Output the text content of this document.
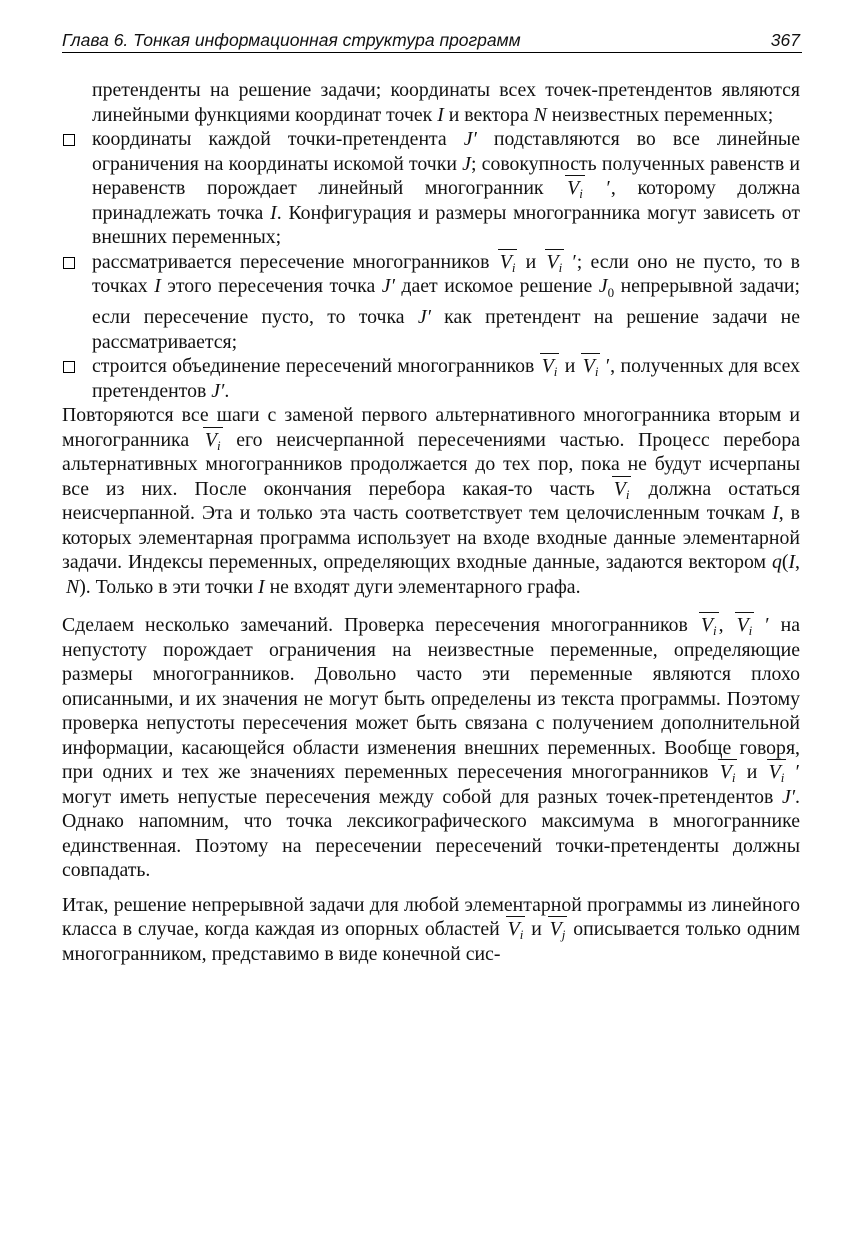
Глава 6. Тонкая информационная структура программ	367

претенденты на решение задачи; координаты всех точек-претендентов являются линейными функциями координат точек I и вектора N неизвестных переменных;

координаты каждой точки-претендента J′ подставляются во все линейные ограничения на координаты искомой точки J; совокупность полученных равенств и неравенств порождает линейный многогранник $V_i$ ′, которому должна принадлежать точка I. Конфигурация и размеры многогранника могут зависеть от внешних переменных;

рассматривается пересечение многогранников $V_i$ и $V_i$ ′; если оно не пусто, то в точках I этого пересечения точка J′ дает искомое решение $J_0$ непрерывной задачи; если пересечение пусто, то точка J′ как претендент на решение задачи не рассматривается;

строится объединение пересечений многогранников $V_i$ и $V_i$ ′, полученных для всех претендентов J′.

Повторяются все шаги с заменой первого альтернативного многогранника вторым и многогранника $V_i$ его неисчерпанной пересечениями частью. Процесс перебора альтернативных многогранников продолжается до тех пор, пока не будут исчерпаны все из них. После окончания перебора какая-то часть $V_i$ должна остаться неисчерпанной. Эта и только эта часть соответствует тем целочисленным точкам I, в которых элементарная программа использует на входе входные данные элементарной задачи. Индексы переменных, определяющих входные данные, задаются вектором q(I, N). Только в эти точки I не входят дуги элементарного графа.

Сделаем несколько замечаний. Проверка пересечения многогранников $V_i$ , $V_i$ ′ на непустоту порождает ограничения на неизвестные переменные, определяющие размеры многогранников. Довольно часто эти переменные являются плохо описанными, и их значения не могут быть определены из текста программы. Поэтому проверка непустоты пересечения может быть связана с получением дополнительной информации, касающейся области изменения внешних переменных. Вообще говоря, при одних и тех же значениях переменных пересечения многогранников $V_i$ и $V_i$ ′ могут иметь непустые пересечения между собой для разных точек-претендентов J′. Однако напомним, что точка лексикографического максимума в многограннике единственная. Поэтому на пересечении пересечений точки-претенденты должны совпадать.

Итак, решение непрерывной задачи для любой элементарной программы из линейного класса в случае, когда каждая из опорных областей $V_i$ и $V_j$ описывается только одним многогранником, представимо в виде конечной сис-
